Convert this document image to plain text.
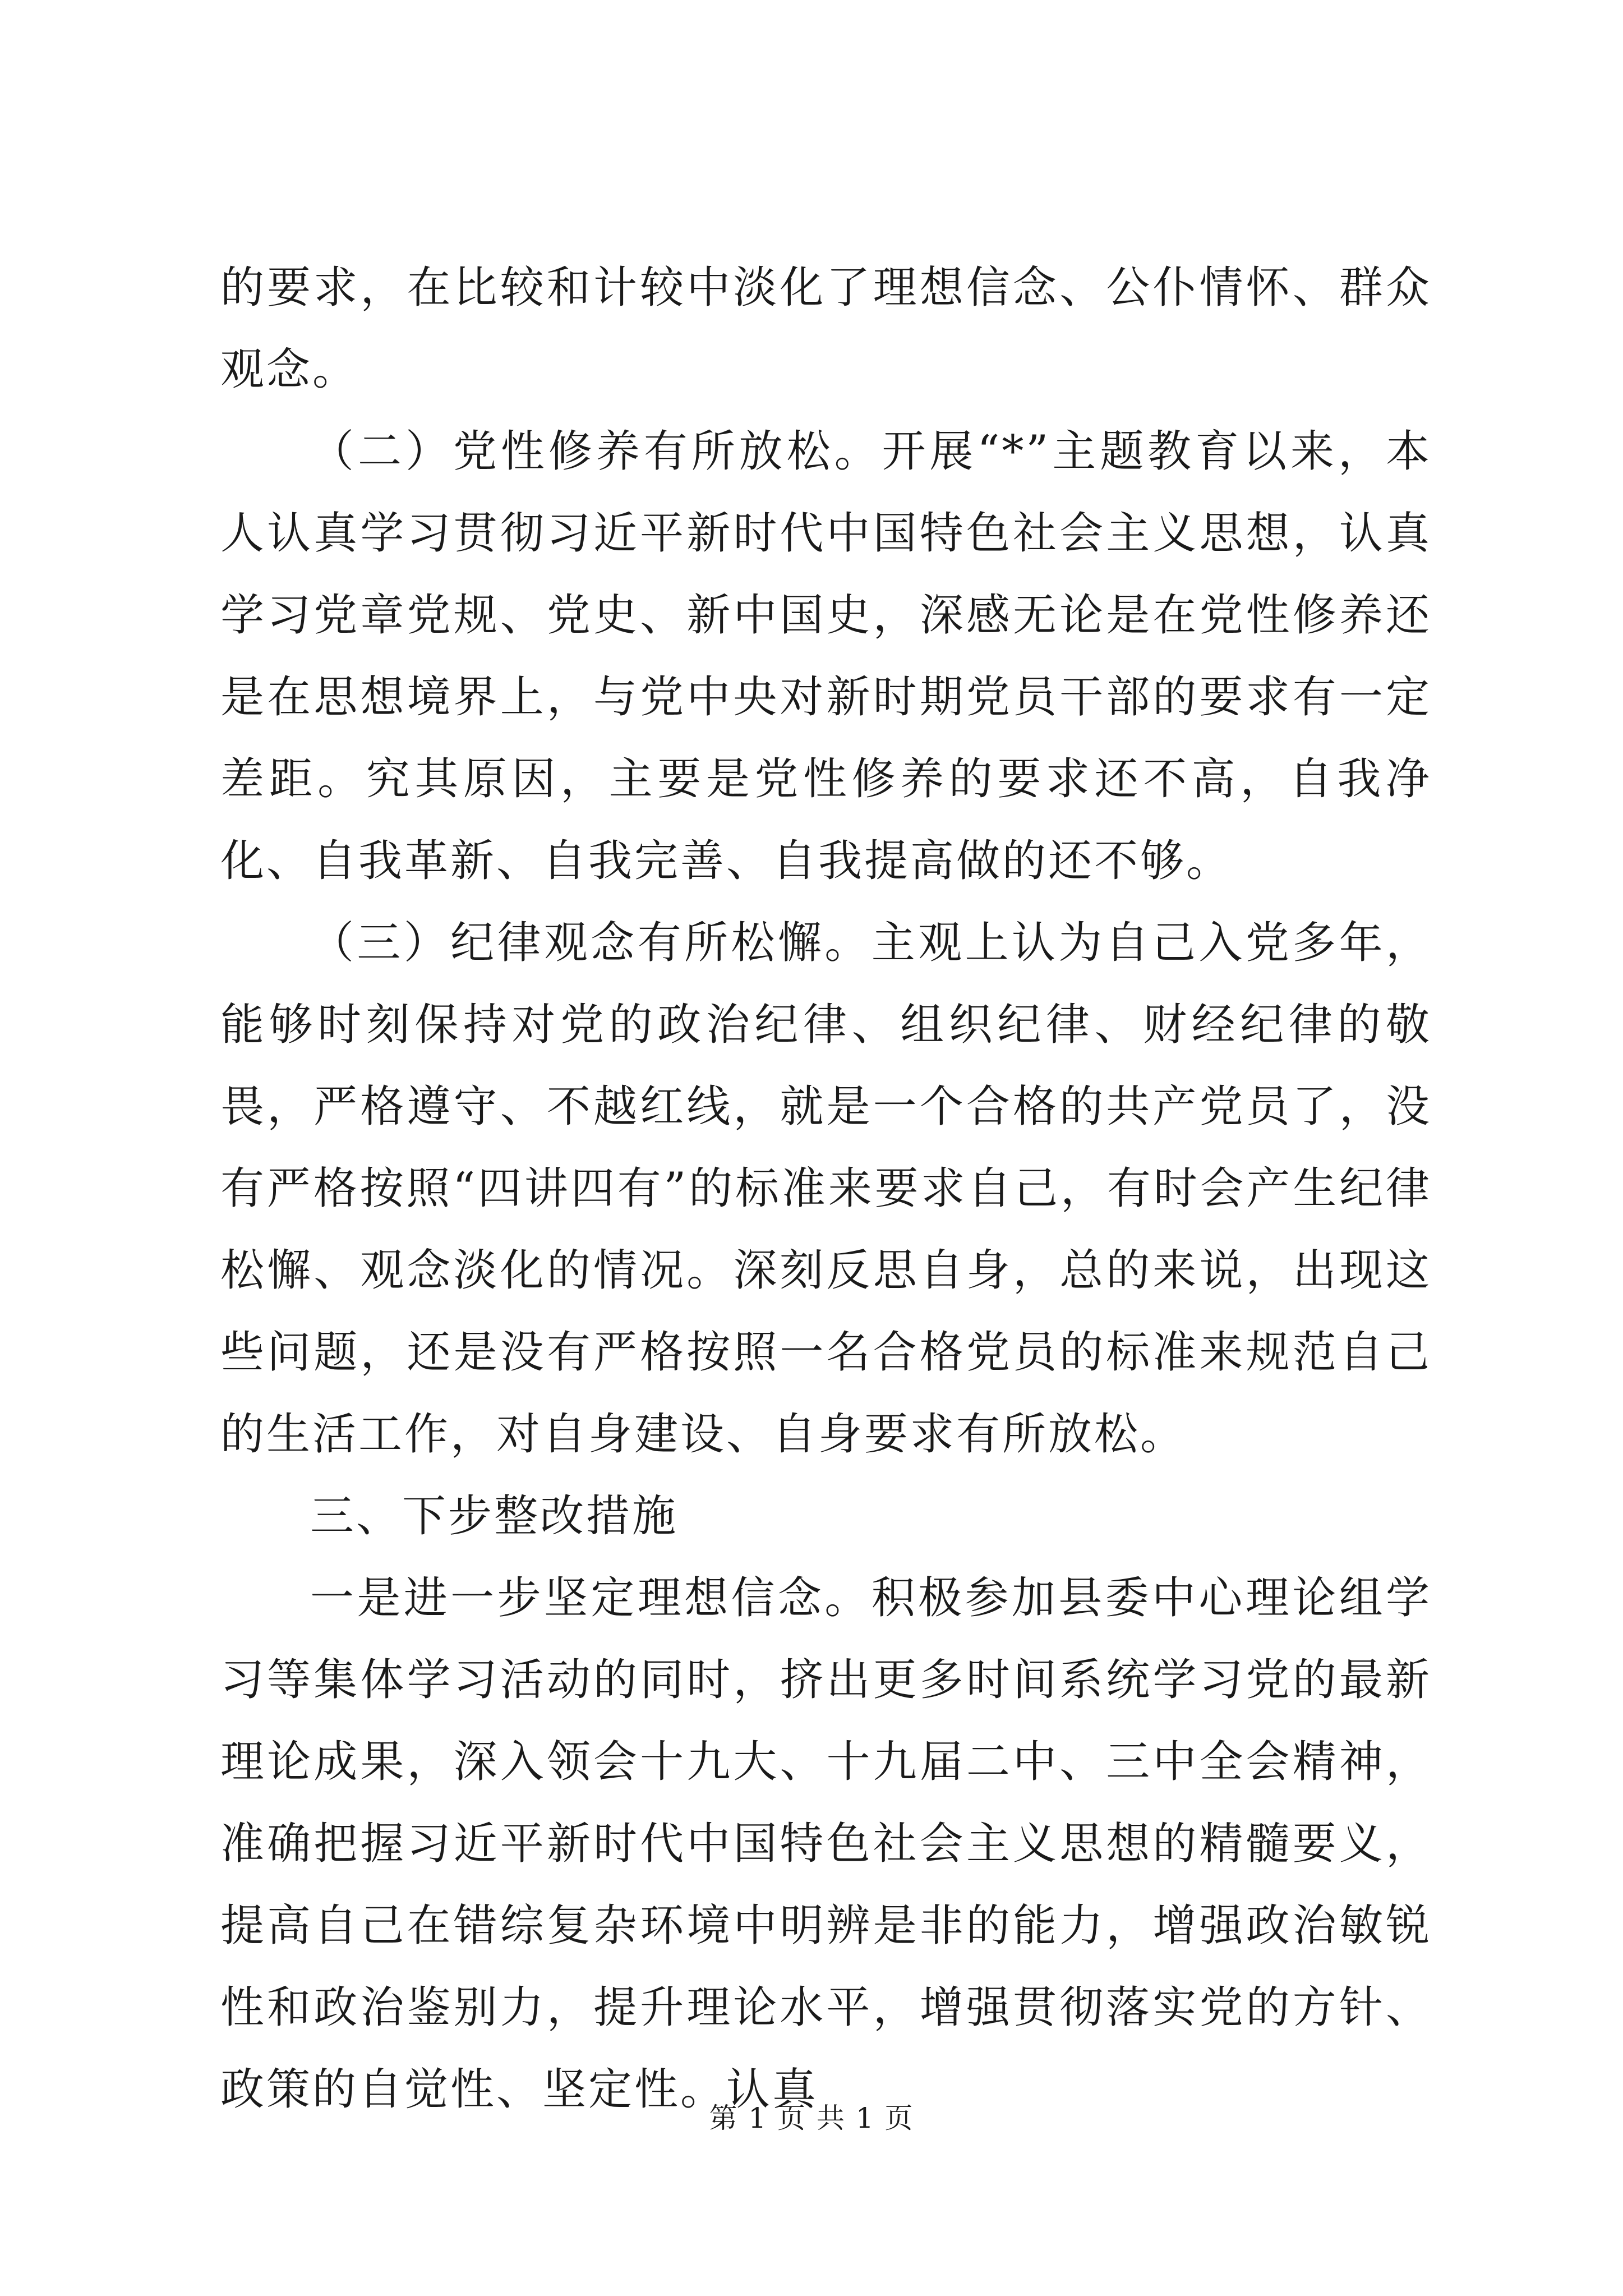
的要求，在比较和计较中淡化了理想信念、公仆情怀、群众观念。

（二）党性修养有所放松。开展“*”主题教育以来，本人认真学习贯彻习近平新时代中国特色社会主义思想，认真学习党章党规、党史、新中国史，深感无论是在党性修养还是在思想境界上，与党中央对新时期党员干部的要求有一定差距。究其原因，主要是党性修养的要求还不高，自我净化、自我革新、自我完善、自我提高做的还不够。

（三）纪律观念有所松懈。主观上认为自己入党多年，能够时刻保持对党的政治纪律、组织纪律、财经纪律的敬畏，严格遵守、不越红线，就是一个合格的共产党员了，没有严格按照“四讲四有”的标准来要求自己，有时会产生纪律松懈、观念淡化的情况。深刻反思自身，总的来说，出现这些问题，还是没有严格按照一名合格党员的标准来规范自己的生活工作，对自身建设、自身要求有所放松。

三、下步整改措施

一是进一步坚定理想信念。积极参加县委中心理论组学习等集体学习活动的同时，挤出更多时间系统学习党的最新理论成果，深入领会十九大、十九届二中、三中全会精神，准确把握习近平新时代中国特色社会主义思想的精髓要义，提高自己在错综复杂环境中明辨是非的能力，增强政治敏锐性和政治鉴别力，提升理论水平，增强贯彻落实党的方针、政策的自觉性、坚定性。认真

第 1 页 共 1 页
